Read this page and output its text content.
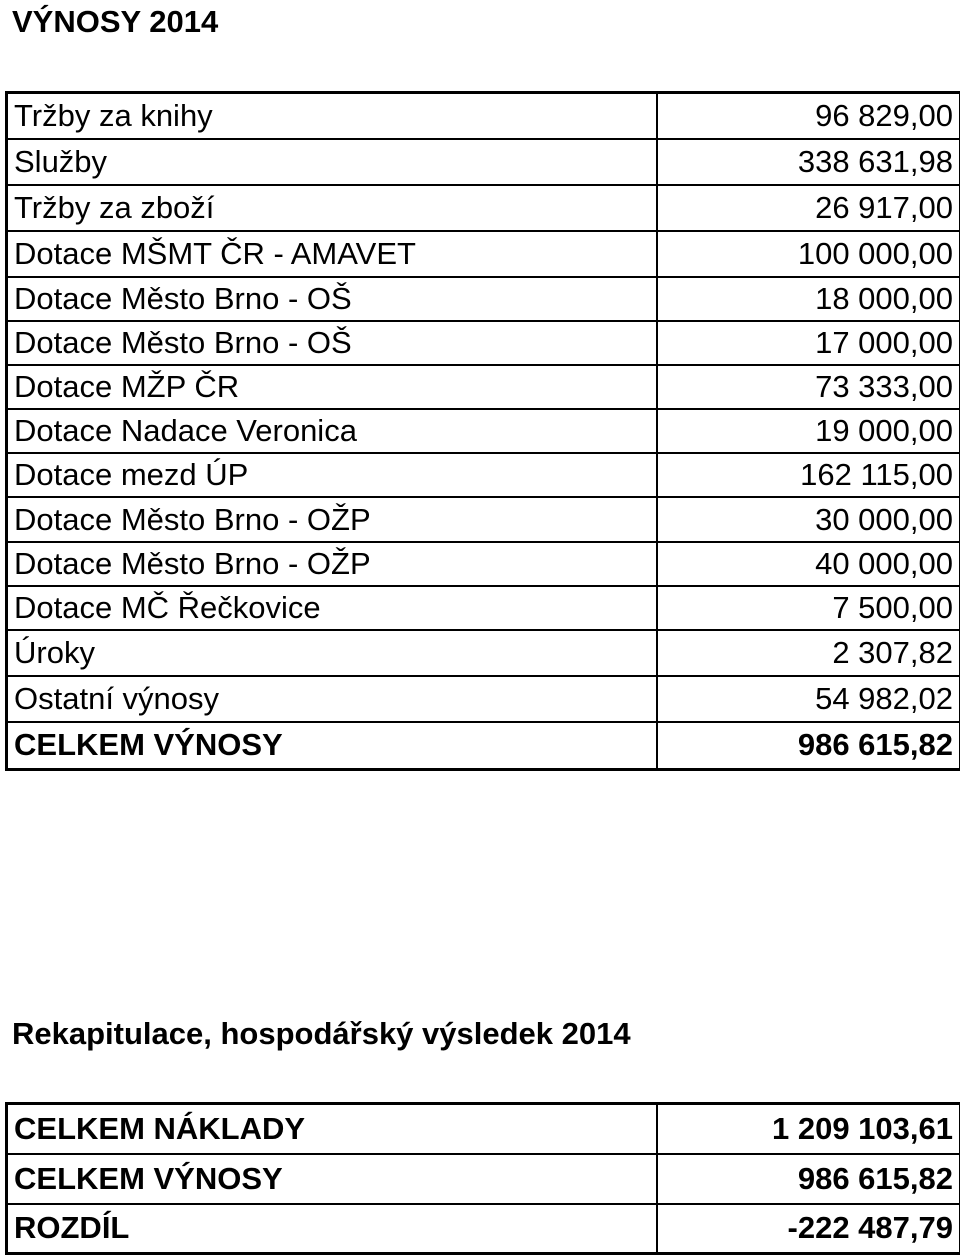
VÝNOSY 2014
Tržby za knihy	96 829,00
Služby	338 631,98
Tržby za zboží	26 917,00
Dotace MŠMT ČR - AMAVET	100 000,00
Dotace Město Brno - OŠ	18 000,00
Dotace Město Brno - OŠ	17 000,00
Dotace MŽP ČR	73 333,00
Dotace Nadace Veronica	19 000,00
Dotace mezd ÚP	162 115,00
Dotace Město Brno - OŽP	30 000,00
Dotace Město Brno - OŽP	40 000,00
Dotace MČ Řečkovice	7 500,00
Úroky	2 307,82
Ostatní výnosy	54 982,02
CELKEM VÝNOSY	986 615,82
Rekapitulace, hospodářský výsledek 2014
CELKEM NÁKLADY	1 209 103,61
CELKEM VÝNOSY	986 615,82
ROZDÍL	-222 487,79
